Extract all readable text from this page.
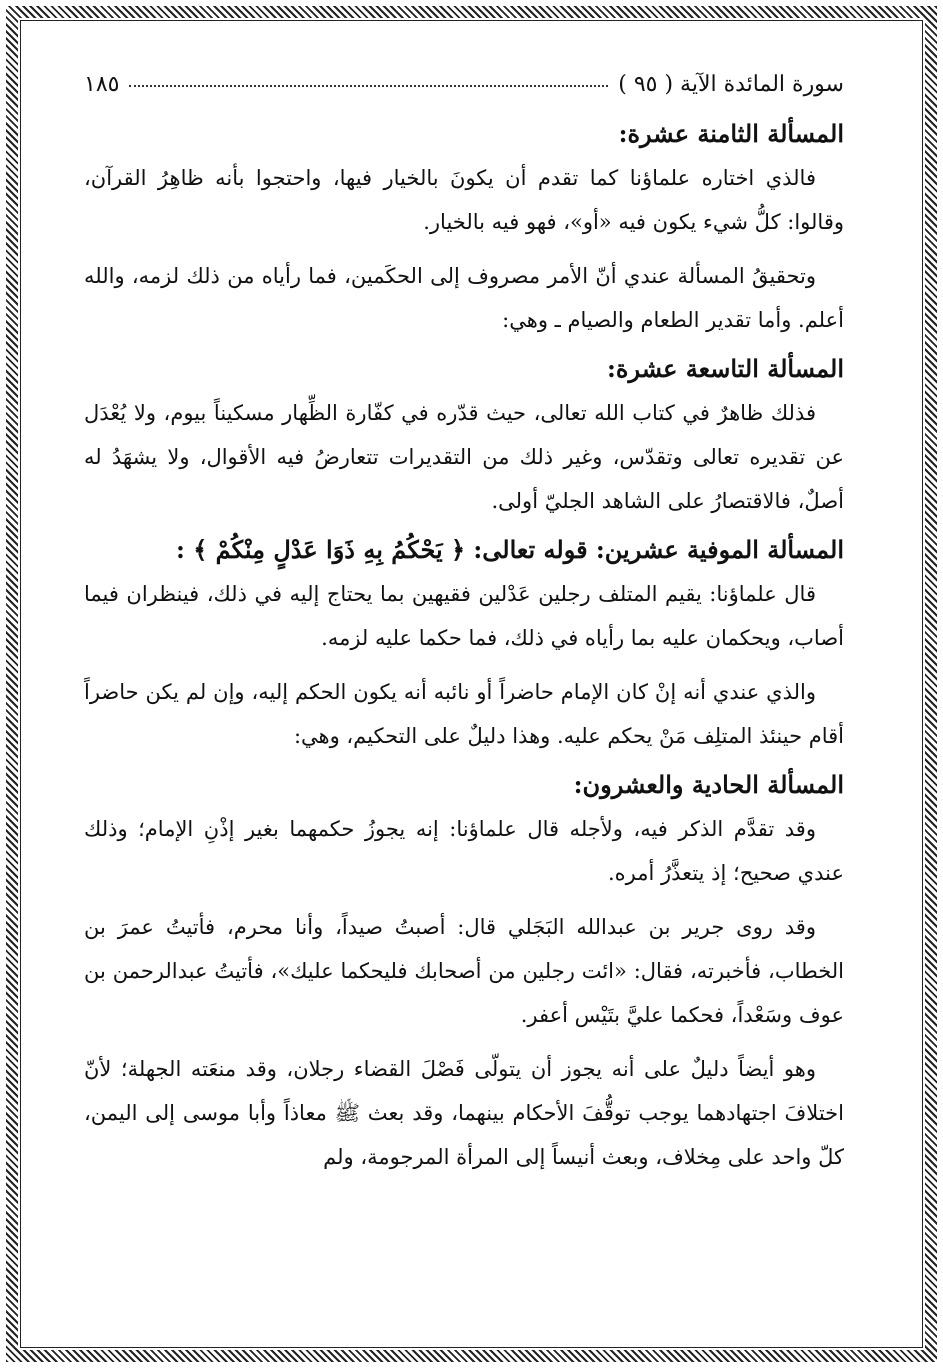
سورة المائدة الآية ( ٩٥ )
١٨٥
المسألة الثامنة عشرة:

فالذي اختاره علماؤنا كما تقدم أن يكونَ بالخيار فيها، واحتجوا بأنه ظاهِرُ القرآن، وقالوا: كلُّ شيء يكون فيه «أو»، فهو فيه بالخيار.

وتحقيقُ المسألة عندي أنّ الأمر مصروف إلى الحكَمين، فما رأياه من ذلك لزمه، والله أعلم. وأما تقدير الطعام والصيام ـ وهي:

المسألة التاسعة عشرة:

فذلك ظاهرٌ في كتاب الله تعالى، حيث قدّره في كفّارة الظِّهار مسكيناً بيوم، ولا يُعْدَل عن تقديره تعالى وتقدّس، وغير ذلك من التقديرات تتعارضُ فيه الأقوال، ولا يشهَدُ له أصلٌ، فالاقتصارُ على الشاهد الجليّ أولى.

المسألة الموفية عشرين: قوله تعالى: ﴿ يَحْكُمُ بِهِ ذَوَا عَدْلٍ مِنْكُمْ ﴾ :

قال علماؤنا: يقيم المتلف رجلين عَدْلين فقيهين بما يحتاج إليه في ذلك، فينظران فيما أصاب، ويحكمان عليه بما رأياه في ذلك، فما حكما عليه لزمه.

والذي عندي أنه إنْ كان الإمام حاضراً أو نائبه أنه يكون الحكم إليه، وإن لم يكن حاضراً أقام حينئذ المتلِف مَنْ يحكم عليه. وهذا دليلٌ على التحكيم، وهي:

المسألة الحادية والعشرون:

وقد تقدَّم الذكر فيه، ولأجله قال علماؤنا: إنه يجوزُ حكمهما بغير إذْنِ الإمام؛ وذلك عندي صحيح؛ إذ يتعذَّرُ أمره.

وقد روى جرير بن عبدالله البَجَلي قال: أصبتُ صيداً، وأنا محرم، فأتيتُ عمرَ بن الخطاب، فأخبرته، فقال: «ائت رجلين من أصحابك فليحكما عليك»، فأتيتُ عبدالرحمن بن عوف وسَعْداً، فحكما عليَّ بتَيْس أعفر.

وهو أيضاً دليلٌ على أنه يجوز أن يتولّى فَصْلَ القضاء رجلان، وقد منعَته الجهلة؛ لأنّ اختلافَ اجتهادهما يوجب توقُّفَ الأحكام بينهما، وقد بعث ﷺ معاذاً وأبا موسى إلى اليمن، كلّ واحد على مِخلاف، وبعث أنيساً إلى المرأة المرجومة، ولم
